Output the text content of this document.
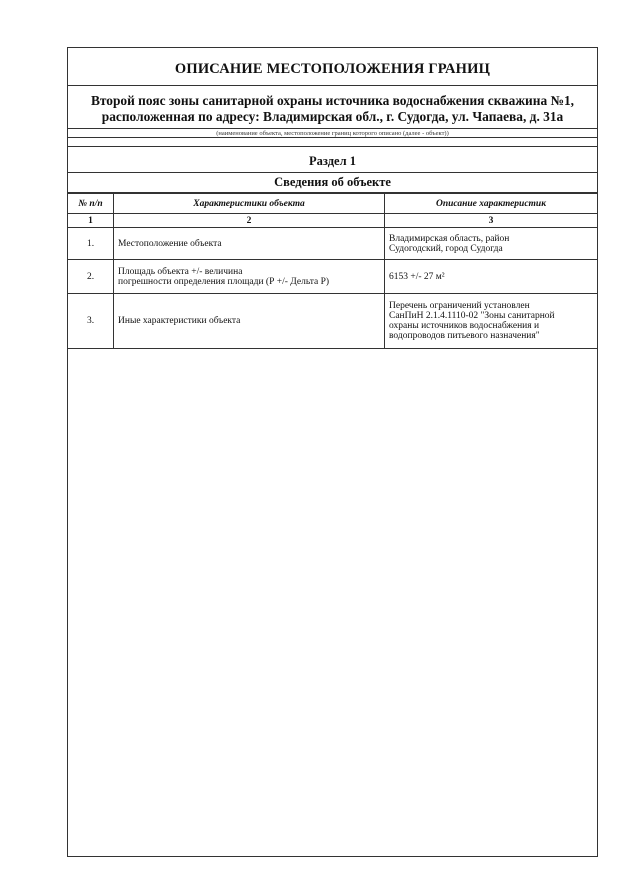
ОПИСАНИЕ МЕСТОПОЛОЖЕНИЯ ГРАНИЦ
Второй пояс зоны санитарной охраны источника водоснабжения скважина №1,
расположенная по адресу: Владимирская обл., г. Судогда, ул. Чапаева, д. 31а
(наименование объекта, местоположение границ которого описано (далее - объект))
Раздел 1
Сведения об объекте
№ п/п	Характеристики объекта	Описание характеристик
1	2	3
1.	Местоположение объекта	Владимирская область, район
Судогодский, город Судогда

2.	Площадь объекта +/- величина
погрешности определения площади (Р +/- Дельта Р)	6153 +/- 27 м²

3.	Иные характеристики объекта	Перечень ограничений установлен
СанПиН 2.1.4.1110-02 "Зоны санитарной
охраны источников водоснабжения и
водопроводов питьевого назначения"
